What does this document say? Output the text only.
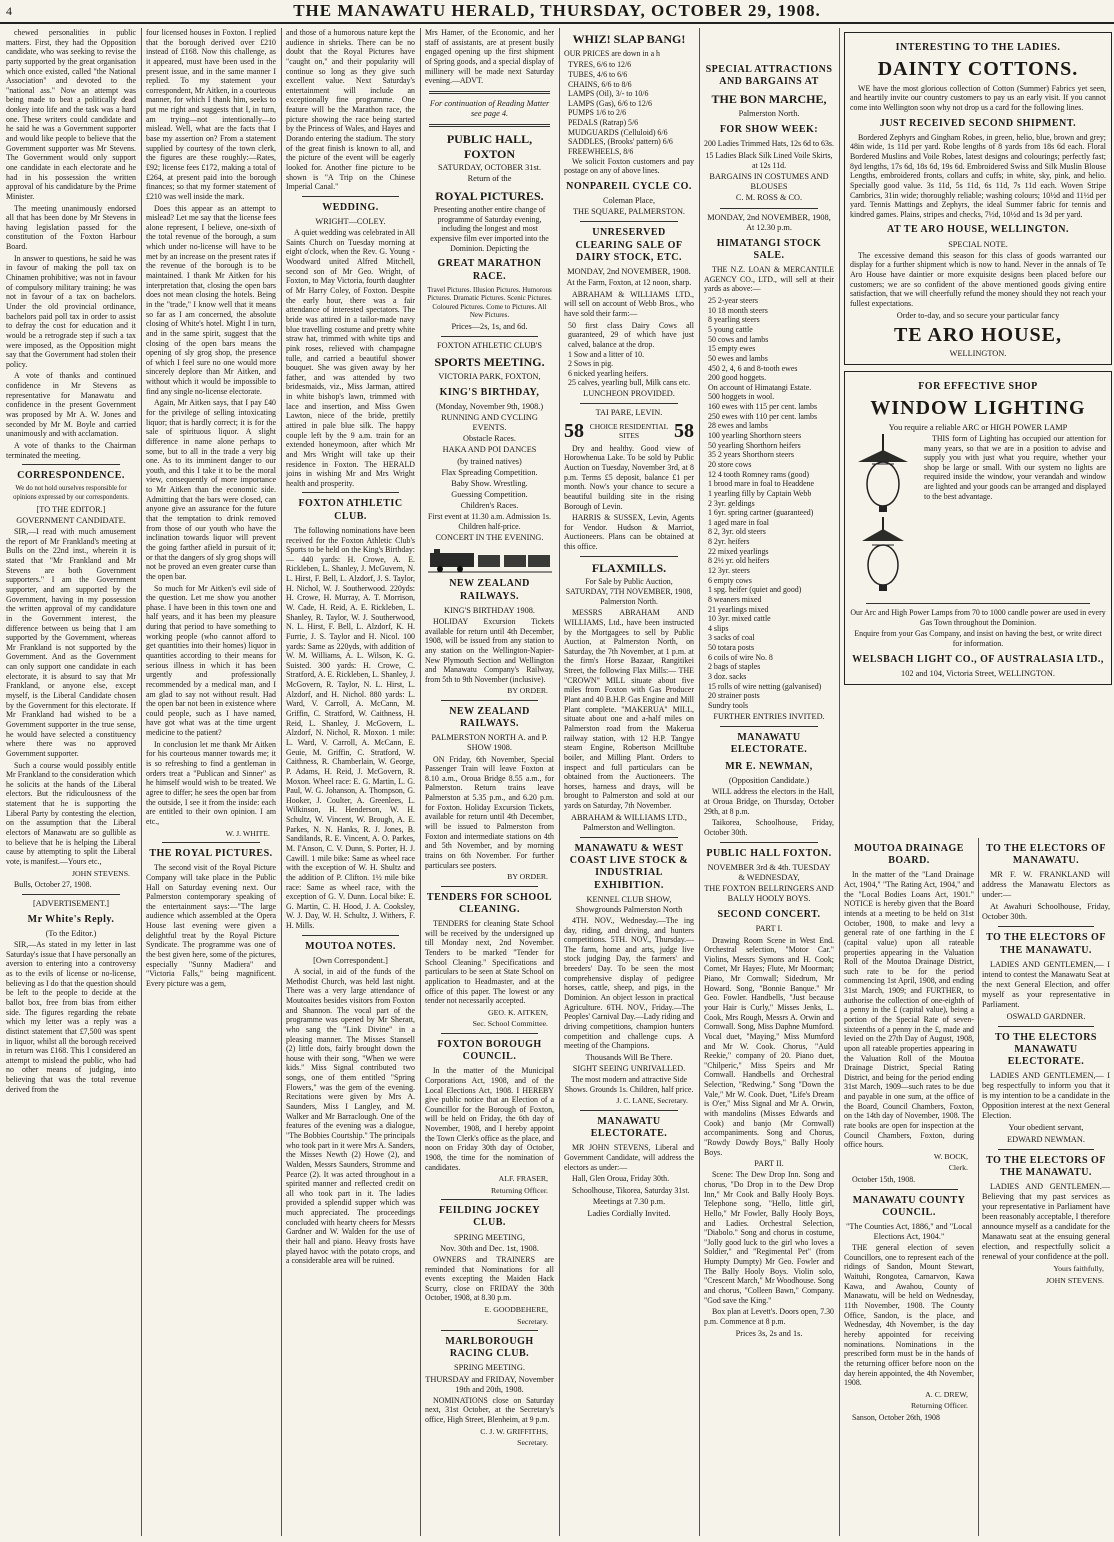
4	THE MANAWATU HERALD, THURSDAY, OCTOBER 29, 1908.

chewed personalities in public matters. First, they had the Opposition candidate, who was seeking to revise the party supported by the great organisation which once existed, called "the National Association" and devoted to the "national ass." Now an attempt was being made to beat a politically dead donkey into life and the task was a hard one. These writers could candidate and he said he was a Government supporter and would like people to believe that the Government supporter was Mr Stevens. The Government would only support one candidate in each electorate and he had in his possession the written approval of his candidature by the Prime Minister.

The meeting unanimously endorsed all that has been done by Mr Stevens in having legislation passed for the constitution of the Foxton Harbour Board.

In answer to questions, he said he was in favour of making the poll tax on Chinamen prohibitive; was not in favour of compulsory military training; he was not in favour of a tax on bachelors. Under the old provincial ordinance, bachelors paid poll tax in order to assist to defray the cost for education and it would be a retrograde step if such a tax were imposed, as the Opposition might say that the Government had stolen their policy.

A vote of thanks and continued confidence in Mr Stevens as representative for Manawatu and confidence in the present Government was proposed by Mr A. W. Jones and seconded by Mr M. Boyle and carried unanimously and with acclamation.

A vote of thanks to the Chairman terminated the meeting.

CORRESPONDENCE.
We do not hold ourselves responsible for opinions expressed by our correspondents.
[TO THE EDITOR.]
GOVERNMENT CANDIDATE.

SIR,—I read with much amusement the report of Mr Frankland's meeting at Bulls on the 22nd inst., wherein it is stated that "Mr Frankland and Mr Stevens are both Government supporters." I am the Government supporter, and am supported by the Government, having in my possession the written approval of my candidature in the Government interest, the difference between us being that I am supported by the Government, whereas Mr Frankland is not supported by the Government. And as the Government can only support one candidate in each electorate, it is absurd to say that Mr Frankland, or anyone else, except myself, is the Liberal Candidate chosen by the Government for this electorate. If Mr Frankland had wished to be a Government supporter in the true sense, he would have selected a constituency where there was no approved Government supporter.

Such a course would possibly entitle Mr Frankland to the consideration which he solicits at the hands of the Liberal electors. But the ridiculousness of the statement that he is supporting the Liberal Party by contesting the election, on the assumption that the Liberal electors of Manawatu are so gullible as to believe that he is helping the Liberal cause by attempting to split the Liberal vote, is manifest.—Yours etc.,

JOHN STEVENS.

Bulls, October 27, 1908.

[ADVERTISEMENT.]
Mr White's Reply.
(To the Editor.)

SIR,—As stated in my letter in last Saturday's issue that I have personally an aversion to entering into a controversy as to the evils of license or no-license, believing as I do that the question should be left to the people to decide at the ballot box, free from bias from either side. The figures regarding the rebate which my letter was a reply was a distinct statement that £7,500 was spent in liquor, whilst all the borough received in return was £168. This I considered an attempt to mislead the public, who had no other means of judging, into believing that was the total revenue derived from the

four licensed houses in Foxton. I replied that the borough derived over £210 instead of £168. Now this challenge, as it appeared, must have been used in the present issue, and in the same manner I replied. To my statement your correspondent, Mr Aitken, in a courteous manner, for which I thank him, seeks to put me right and suggests that I, in turn, am trying—not intentionally—to mislead. Well, what are the facts that I base my assertion on? From a statement supplied by courtesy of the town clerk, the figures are these roughly:—Rates, £92; license fees £172, making a total of £264, at present paid into the borough finances; so that my former statement of £210 was well inside the mark.

Does this appear as an attempt to mislead? Let me say that the license fees alone represent, I believe, one-sixth of the total revenue of the borough, a sum which under no-license will have to be met by an increase on the present rates if the revenue of the borough is to be maintained. I thank Mr Aitken for his interpretation that, closing the open bars does not mean closing the hotels. Being in the "trade," I know well that it means so far as I am concerned, the absolute closing of White's hotel. Might I in turn, and in the same spirit, suggest that the closing of the open bars means the opening of sly grog shop, the presence of which I feel sure no one would more sincerely deplore than Mr Aitken, and without which it would be impossible to find any single no-license electorate.

Again, Mr Aitken says, that I pay £40 for the privilege of selling intoxicating liquor; that is hardly correct; it is for the sale of spirituous liquor. A slight difference in name alone perhaps to some, but to all in the trade a very big one. As to its imminent danger to our youth, and this I take it to be the moral view, consequently of more importance to Mr Aitken than the economic side. Admitting that the bars were closed, can anyone give an assurance for the future that the temptation to drink removed from those of our youth who have the inclination towards liquor will prevent the going farther afield in pursuit of it; or that the dangers of sly grog shops will not be proved an even greater curse than the open bar.

So much for Mr Aitken's evil side of the question. Let me show you another phase. I have been in this town one and half years, and it has been my pleasure during that period to have something to working people (who cannot afford to get quantities into their homes) liquor in quantities according to their means for serious illness in which it has been urgently and professionally recommended by a medical man, and I am glad to say not without result. Had the open bar not been in existence where could people, such as I have named, have got what was at the time urgent medicine to the patient?

In conclusion let me thank Mr Aitken for his courteous manner towards me; it is so refreshing to find a gentleman in orders treat a "Publican and Sinner" as he himself would wish to be treated. We agree to differ; he sees the open bar from the outside, I see it from the inside: each are entitled to their own opinion. I am etc.,

W. J. WHITE.
THE ROYAL PICTURES.

The second visit of the Royal Picture Company will take place in the Public Hall on Saturday evening next. Our Palmerston contemporary speaking of the entertainment says:—"The large audience which assembled at the Opera House last evening were given a delightful treat by the Royal Picture Syndicate. The programme was one of the best given here, some of the pictures, especially "Sunny Madiera" and "Victoria Falls," being magnificent. Every picture was a gem,

and those of a humorous nature kept the audience in shrieks. There can be no doubt that the Royal Pictures have "caught on," and their popularity will continue so long as they give such excellent value. Next Saturday's entertainment will include an exceptionally fine programme. One feature will be the Marathon race, the picture showing the race being started by the Princess of Wales, and Hayes and Dorando entering the stadium. The story of the great finish is known to all, and the picture of the event will be eagerly looked for. Another fine picture to be shown is "A Trip on the Chinese Imperial Canal."

WEDDING.
WRIGHT—COLEY.

A quiet wedding was celebrated in All Saints Church on Tuesday morning at eight o'clock, when the Rev. G. Young - Woodward united Alfred Mitchell, second son of Mr Geo. Wright, of Foxton, to May Victoria, fourth daughter of Mr Harry Coley, of Foxton. Despite the early hour, there was a fair attendance of interested spectators. The bride was attired in a tailor-made navy blue travelling costume and pretty white straw hat, trimmed with white tips and pink roses, relieved with champagne tulle, and carried a beautiful shower bouquet. She was given away by her father, and was attended by two bridesmaids, viz., Miss Jarman, attired in white bishop's lawn, trimmed with lace and insertion, and Miss Gwen Lawton, niece of the bride, prettily attired in pale blue silk. The happy couple left by the 9 a.m. train for an extended honeymoon, after which Mr and Mrs Wright will take up their residence in Foxton. The HERALD joins in wishing Mr and Mrs Wright health and prosperity.

FOXTON ATHLETIC CLUB.

The following nominations have been received for the Foxton Athletic Club's Sports to be held on the King's Birthday:— 440 yards: H. Crowe, A. E. Rickleben, L. Shanley, J. McGuvern, N. L. Hirst, F. Bell, L. Alzdorf, J. S. Taylor, H. Nichol, W. J. Southerwood. 220yds: H. Crowe, H. Murray, A. T. Morrison, W. Cade, H. Reid, A. E. Rickleben, L. Shanley, R. Taylor, W. J. Southerwood, N. L. Hirst, F. Bell, L. Alzdorf, K. H. Furrie, J. S. Taylor and H. Nicol. 100 yards: Same as 220yds, with addition of W. M. Williams, A. L. Wilson, K. G. Suisted. 300 yards: H. Crowe, C. Stratford, A. E. Rickleben, L. Shanley, J. McGovern, R. Taylor, N. L. Hirst, L. Alzdorf, and H. Nichol. 880 yards: L. Ward, V. Carroll, A. McCann, M. Griffin, C. Stratford, W. Caithness, H. Reid, L. Shanley, J. McGovern, L. Alzdorf, N. Nichol, R. Moxon. 1 mile: L. Ward, V. Carroll, A. McCann, E. Geuie, M. Griffin, C. Stratford, W. Caithness, R. Chamberlain, W. George, P. Adams, H. Reid, J. McGovern, R. Moxon. Wheel race: E. G. Martin, L. G. Paul, W. G. Johanson, A. Thompson, G. Hooker, J. Coulter, A. Greenlees, L. Wilkinson, H. Henderson, W. H. Schultz, W. Vincent, W. Brough, A. E. Parkes, N. N. Hanks, R. J. Jones, B. Sandilands, R. E. Vincent, A. O. Parkes, M. I'Anson, C. V. Dunn, S. Porter, H. J. Cawill. 1 mile bike: Same as wheel race with the exception of W. H. Shultz and the addition of P. Clifton. 1½ mile bike race: Same as wheel race, with the exception of G. V. Dunn. Local bike: E. G. Martin, C. H. Hood, J. A. Cooksley, W. J. Day, W. H. Schultz, J. Withers, F. H. Mills.

MOUTOA NOTES.
[Own Correspondent.]

A social, in aid of the funds of the Methodist Church, was held last night. There was a very large attendance of Moutoaites besides visitors from Foxton and Shannon. The vocal part of the programme was opened by Mr Sheratt, who sang the "Link Divine" in a pleasing manner. The Misses Stansell (2) little dots, fairly brought down the house with their song, "When we were kids." Miss Signal contributed two songs, one of them entitled "Spring Flowers," was the gem of the evening. Recitations were given by Mrs A. Saunders, Miss I Langley, and M. Walker and Mr Barraclough. One of the features of the evening was a dialogue, "The Bobbies Courtship." The principals who took part in it were Mrs A. Sanders, the Misses Newth (2) Howe (2), and Walden, Messrs Saunders, Stromme and Pearce (2). It was acted throughout in a spirited manner and reflected credit on all who took part in it. The ladies provided a splendid supper which was much appreciated. The proceedings concluded with hearty cheers for Messrs Gardner and W. Walden for the use of their hall and piano. Heavy frosts have played havoc with the potato crops, and a considerable area will be ruined.

Mrs Hamer, of the Economic, and her staff of assistants, are at present busily engaged opening up the first shipment of Spring goods, and a special display of millinery will be made next Saturday evening.—ADVT.

For continuation of Reading Matter see page 4.
PUBLIC HALL, FOXTON
SATURDAY, OCTOBER 31st.
Return of the
ROYAL PICTURES.

Presenting another entire change of programme of Saturday evening, including the longest and most expensive film ever imported into the Dominion. Depicting the

GREAT MARATHON RACE.

Travel Pictures. Illusion Pictures. Humorous Pictures. Dramatic Pictures. Scenic Pictures. Coloured Pictures. Come to Pictures. All New Pictures.

Prices—2s, 1s, and 6d.
FOXTON ATHLETIC CLUB'S
SPORTS MEETING.
VICTORIA PARK, FOXTON,
KING'S BIRTHDAY,
(Monday, November 9th, 1908.)
RUNNING AND CYCLING EVENTS.
Obstacle Races.
HAKA AND POI DANCES
(by trained natives)
Flax Spreading Competition.
Baby Show. Wrestling.
Guessing Competition.
Children's Races.

First event at 11.30 a.m. Admission 1s. Children half-price.

CONCERT IN THE EVENING.
NEW ZEALAND RAILWAYS.
KING'S BIRTHDAY 1908.

HOLIDAY Excursion Tickets available for return until 4th December, 1908, will be issued from any station to any station on the Wellington-Napier-New Plymouth Section and Wellington and Manawatu Company's Railway, from 5th to 9th November (inclusive).

BY ORDER.
NEW ZEALAND RAILWAYS.
PALMERSTON NORTH A. and P. SHOW 1908.

ON Friday, 6th November, Special Passenger Train will leave Foxton at 8.10 a.m., Oroua Bridge 8.55 a.m., for Palmerston. Return trains leave Palmerston at 5.35 p.m., and 6.20 p.m. for Foxton. Holiday Excursion Tickets, available for return until 4th December, will be issued to Palmerston from Foxton and intermediate stations on 4th and 5th November, and by morning trains on 6th November. For further particulars see posters.

BY ORDER.
TENDERS FOR SCHOOL CLEANING.

TENDERS for cleaning State School will be received by the undersigned up till Monday next, 2nd November. Tenders to be marked "Tender for School Cleaning." Specifications and particulars to be seen at State School on application to Headmaster, and at the office of this paper. The lowest or any tender not necessarily accepted.

GEO. K. AITKEN,
Sec. School Committee.
FOXTON BOROUGH COUNCIL.

In the matter of the Municipal Corporations Act, 1908, and of the Local Elections Act, 1908. I HEREBY give public notice that an Election of a Councillor for the Borough of Foxton, will be held on Friday, the 6th day of November, 1908, and I hereby appoint the Town Clerk's office as the place, and noon on Friday 30th day of October, 1908, the time for the nomination of candidates.

ALF. FRASER,
Returning Officer.
FEILDING JOCKEY CLUB.
SPRING MEETING,
Nov. 30th and Dec. 1st, 1908.

OWNERS and TRAINERS are reminded that Nominations for all events excepting the Maiden Hack Scurry, close on FRIDAY the 30th October, 1908, at 8.30 p.m.

E. GOODBEHERE,
Secretary.
MARLBOROUGH RACING CLUB.
SPRING MEETING.
THURSDAY and FRIDAY, November 19th and 20th, 1908.

NOMINATIONS close on Saturday next, 31st October, at the Secretary's office, High Street, Blenheim, at 9 p.m.

C. J. W. GRIFFITHS,
Secretary.
WHIZ! SLAP BANG!

OUR PRICES are down in a h

TYRES, 6/6 to 12/6
TUBES, 4/6 to 6/6
CHAINS, 6/6 to 8/6
LAMPS (Oil), 3/- to 10/6
LAMPS (Gas), 6/6 to 12/6
PUMPS 1/6 to 2/6
PEDALS (Ratrap) 5/6
MUDGUARDS (Celluloid) 6/6
SADDLES, (Brooks' pattern) 6/6
FREEWHEELS, 8/6

We solicit Foxton customers and pay postage on any of above lines.

NONPAREIL CYCLE CO.
Coleman Place,
THE SQUARE, PALMERSTON.
UNRESERVED CLEARING SALE OF DAIRY STOCK, ETC.
MONDAY, 2nd NOVEMBER, 1908.

At the Farm, Foxton, at 12 noon, sharp.

ABRAHAM & WILLIAMS LTD., will sell on account of Webb Bros., who have sold their farm:—

50 first class Dairy Cows all guaranteed, 29 of which have just calved, balance at the drop.
1 Sow and a litter of 10.
2 Sows in pig.
6 nicked yearling heifers.
25 calves, yearling bull, Milk cans etc.
LUNCHEON PROVIDED.
TAI PARE, LEVIN.
58 CHOICE RESIDENTIAL SITES	58

Dry and healthy. Good view of Horowhenua Lake. To be sold by Public Auction on Tuesday, November 3rd, at 8 p.m. Terms £5 deposit, balance £1 per month. Now's your chance to secure a beautiful building site in the rising Borough of Levin.

HARRIS & SUSSEX, Levin, Agents for Vendor. Hudson & Marriot, Auctioneers. Plans can be obtained at this office.

FLAXMILLS.

For Sale by Public Auction, SATURDAY, 7TH NOVEMBER, 1908, Palmerston North.

MESSRS ABRAHAM AND WILLIAMS, Ltd., have been instructed by the Mortgagees to sell by Public Auction, at Palmerston North, on Saturday, the 7th November, at 1 p.m. at the firm's Horse Bazaar, Rangitikei Street, the following Flax Mills:— THE "CROWN" MILL situate about five miles from Foxton with Gas Producer Plant and 40 B.H.P. Gas Engine and Mill Plant complete. "MAKERUA" MILL, situate about one and a-half miles on Palmerston road from the Makerua railway station, with 12 H.P. Tangye steam Engine, Robertson Mcilltube boiler, and Milling Plant. Orders to inspect and full particulars can be obtained from the Auctioneers. The horses, harness and drays, will be brought to Palmerston and sold at our yards on Saturday, 7th November.

ABRAHAM & WILLIAMS LTD., Palmerston and Wellington.
MANAWATU & WEST COAST LIVE STOCK & INDUSTRIAL EXHIBITION.
KENNEL CLUB SHOW, Showgrounds Palmerston North

4TH. NOV., Wednesday.—The ing day, riding, and driving, and hunters competitions. 5TH. NOV., Thursday.—The farm, home and arts, judge live stock judging Day, the farmers' and breeders' Day. To be seen the most comprehensive display of pedigree horses, cattle, sheep, and pigs, in the Dominion. An object lesson in practical Agriculture. 6TH. NOV., Friday.—The Peoples' Carnival Day.—Lady riding and driving competitions, champion hunters competition and challenge cups. A meeting of the Champions.

Thousands Will Be There.
SIGHT SEEING UNRIVALLED.

The most modern and attractive Side Shows. Grounds 1s. Children, half price.

J. C. LANE, Secretary.
MANAWATU ELECTORATE.

MR JOHN STEVENS, Liberal and Government Candidate, will address the electors as under:—

Hall, Glen Oroua, Friday 30th.

Schoolhouse, Tikorea, Saturday 31st.

Meetings at 7.30 p.m.
Ladies Cordially Invited.
SPECIAL ATTRACTIONS AND BARGAINS AT
THE BON MARCHE,
Palmerston North.
FOR SHOW WEEK:

200 Ladies Trimmed Hats, 12s 6d to 63s.

15 Ladies Black Silk Lined Voile Skirts, at 12s 11d.

BARGAINS IN COSTUMES AND BLOUSES
C. M. ROSS & CO.
MONDAY, 2nd NOVEMBER, 1908, At 12.30 p.m.
HIMATANGI STOCK SALE.

THE N.Z. LOAN & MERCANTILE AGENCY CO., LTD., will sell at their yards as above:—

25 2-year steers
10 18 month steers
8 yearling steers
5 young cattle
50 cows and lambs
15 empty ewes
50 ewes and lambs
450 2, 4, 6 and 8-tooth ewes
200 good hoggets.
On account of Himatangi Estate.
500 hoggets in wool.
160 ewes with 115 per cent. lambs
250 ewes with 110 per cent. lambs
28 ewes and lambs
100 yearling Shorthorn steers
50 yearling Shorthorn heifers
35 2 years Shorthorn steers
20 store cows
12 4 tooth Romney rams (good)
1 brood mare in foal to Headdene
1 yearling filly by Captain Webb
2 3yr. geldings
1 6yr. spring cartner (guaranteed)
1 aged mare in foal
8 2, 3yr. old steers
8 2yr. heifers
22 mixed yearlings
8 2½ yr. old heifers
12 3yr. steers
6 empty cows
1 spg. heifer (quiet and good)
8 weaners mixed
21 yearlings mixed
10 3yr. mixed cattle
4 slips
3 sacks of coal
50 totara posts
6 coils of wire No. 8
2 bags of staples
3 doz. sacks
15 rolls of wire netting (galvanised)
20 strainer posts
Sundry tools
FURTHER ENTRIES INVITED.
MANAWATU ELECTORATE.
MR E. NEWMAN,
(Opposition Candidate.)

WILL address the electors in the Hall, at Oroua Bridge, on Thursday, October 29th, at 8 p.m.

Taikorea, Schoolhouse, Friday, October 30th.

PUBLIC HALL FOXTON.
NOVEMBER 3rd & 4th. TUESDAY & WEDNESDAY,
THE FOXTON BELLRINGERS AND BALLY HOOLY BOYS.
SECOND CONCERT.
PART I.

Drawing Room Scene in West End. Orchestral selection, "Motor Car." Violins, Messrs Symons and H. Cook; Cornet, Mr Hayes; Flute, Mr Moorman; Piano, Mr Cornwall; Sidedrum, Mr Howard. Song, "Bonnie Banque." Mr Geo. Fowler. Handbells, "Just because your Hair is Curly," Misses Jenks, L. Cook, Mrs Rough, Messrs A. Orwin and Cornwall. Song, Miss Daphne Mumford. Vocal duet, "Maying," Miss Mumford and Mr W. Cook. Chorus, "Auld Reekie," company of 20. Piano duet, "Chilperic," Miss Speirs and Mr Cornwall. Handbells and Orchestral Selection, "Redwing." Song "Down the Vale," Mr W. Cook. Duet, "Life's Dream is O'er," Miss Signal and Mr A. Orwin, with mandolins (Misses Edwards and Cook) and banjo (Mr Cornwall) accompaniments. Song and Chorus, "Rowdy Dowdy Boys," Bally Hooly Boys.

PART II.

Scene: The Dew Drop Inn. Song and chorus, "Do Drop in to the Dew Drop Inn," Mr Cook and Bally Hooly Boys. Telephone song, "Hello, little girl, Hello," Mr Fowler, Bally Hooly Boys, and Ladies. Orchestral Selection, "Diabolo." Song and chorus in costume, "Jolly good luck to the girl who loves a Soldier," and "Regimental Pet" (from Humpty Dumpty) Mr Geo. Fowler and The Bally Hooly Boys. Violin solo, "Crescent March," Mr Woodhouse. Song and chorus, "Colleen Bawn," Company. "God save the King."

Box plan at Levett's. Doors open, 7.30 p.m. Commence at 8 p.m.

Prices 3s, 2s and 1s.
INTERESTING TO THE LADIES.
DAINTY COTTONS.

WE have the most glorious collection of Cotton (Summer) Fabrics yet seen, and heartily invite our country customers to pay us an early visit. If you cannot come into Wellington soon why not drop us a card for the following lines.

JUST RECEIVED SECOND SHIPMENT.

Bordered Zephyrs and Gingham Robes, in green, helio, blue, brown and grey; 48in wide, 1s 11d per yard. Robe lengths of 8 yards from 18s 6d each. Floral Bordered Muslins and Voile Robes, latest designs and colourings; perfectly fast; 8yd lengths, 17s 6d, 18s 6d, 19s 6d. Embroidered Swiss and Silk Muslin Blouse Lengths, embroidered fronts, collars and cuffs; in white, sky, pink, and helio. Specially good value. 3s 11d, 5s 11d, 6s 11d, 7s 11d each. Woven Stripe Cambrics, 31in wide; thoroughly reliable; washing colours; 10½d and 11½d per yard. Tennis Mattings and Zephyrs, the ideal Summer fabric for tennis and kindred games. Plains, stripes and checks, 7½d, 10½d and 1s 3d per yard.

AT TE ARO HOUSE, WELLINGTON.
SPECIAL NOTE.

The excessive demand this season for this class of goods warranted our display for a further shipment which is now to hand. Never in the annals of Te Aro House have daintier or more exquisite designs been placed before our customers; we are so confident of the above mentioned goods giving entire satisfaction, that we will cheerfully refund the money should they not reach your fullest expectations.

Order to-day, and so secure your particular fancy
TE ARO HOUSE,
WELLINGTON.
FOR EFFECTIVE SHOP
WINDOW LIGHTING
You require a reliable ARC or HIGH POWER LAMP

THIS form of Lighting has occupied our attention for many years, so that we are in a position to advise and supply you with just what you require, whether your shop be large or small. With our system no lights are required inside the window, your verandah and window are lighted and your goods can be arranged and displayed to the best advantage.

Our Arc and High Power Lamps from 70 to 1000 candle power are used in every Gas Town throughout the Dominion.

Enquire from your Gas Company, and insist on having the best, or write direct for information.

WELSBACH LIGHT CO., OF AUSTRALASIA LTD.,
102 and 104, Victoria Street, WELLINGTON.
MOUTOA DRAINAGE BOARD.

In the matter of the "Land Drainage Act, 1904," "The Rating Act, 1904," and the "Local Bodies Loans Act, 1901." NOTICE is hereby given that the Board intends at a meeting to be held on 31st October, 1908, to make and levy a general rate of one farthing in the £ (capital value) upon all rateable properties appearing in the Valuation Roll of the Moutoa Drainage District, such rate to be for the period commencing 1st April, 1908, and ending 31st March, 1909; and FURTHER, to authorise the collection of one-eighth of a penny in the £ (capital value), being a portion of the Special Rate of seven-sixteenths of a penny in the £, made and levied on the 27th Day of August, 1908, upon all rateable properties appearing in the Valuation Roll of the Moutoa Drainage District, Special Rating District, and being for the period ending 31st March, 1909—such rates to be due and payable in one sum, at the office of the Board, Council Chambers, Foxton, on the 14th day of November, 1908. The rate books are open for inspection at the Council Chambers, Foxton, during office hours.

W. BOCK,
Clerk.

October 15th, 1908.

MANAWATU COUNTY COUNCIL.
"The Counties Act, 1886," and "Local Elections Act, 1904."

THE general election of seven Councillors, one to represent each of the ridings of Sandon, Mount Stewart, Waituhi, Rongotea, Carnarvon, Kawa Kawa, and Awahou, County of Manawatu, will be held on Wednesday, 11th November, 1908. The County Office, Sandon, is the place, and Wednesday, 4th November, is the day hereby appointed for receiving nominations. Nominations in the prescribed form must be in the hands of the returning officer before noon on the day herein appointed, the 4th November, 1908.

A. C. DREW,
Returning Officer.

Sanson, October 26th, 1908

TO THE ELECTORS OF MANAWATU.

MR F. W. FRANKLAND will address the Manawatu Electors as under:—

At Awahuri Schoolhouse, Friday, October 30th.

TO THE ELECTORS OF THE MANAWATU.

LADIES AND GENTLEMEN,— I intend to contest the Manawatu Seat at the next General Election, and offer myself as your representative in Parliament.

OSWALD GARDNER.
TO THE ELECTORS MANAWATU ELECTORATE.

LADIES AND GENTLEMEN,— I beg respectfully to inform you that it is my intention to be a candidate in the Opposition interest at the next General Election.

Your obedient servant,
EDWARD NEWMAN.
TO THE ELECTORS OF THE MANAWATU.

LADIES AND GENTLEMEN.— Believing that my past services as your representative in Parliament have been reasonably acceptable, I therefore announce myself as a candidate for the Manawatu seat at the ensuing general election, and respectfully solicit a renewal of your confidence at the poll.

Yours faithfully,
JOHN STEVENS.
